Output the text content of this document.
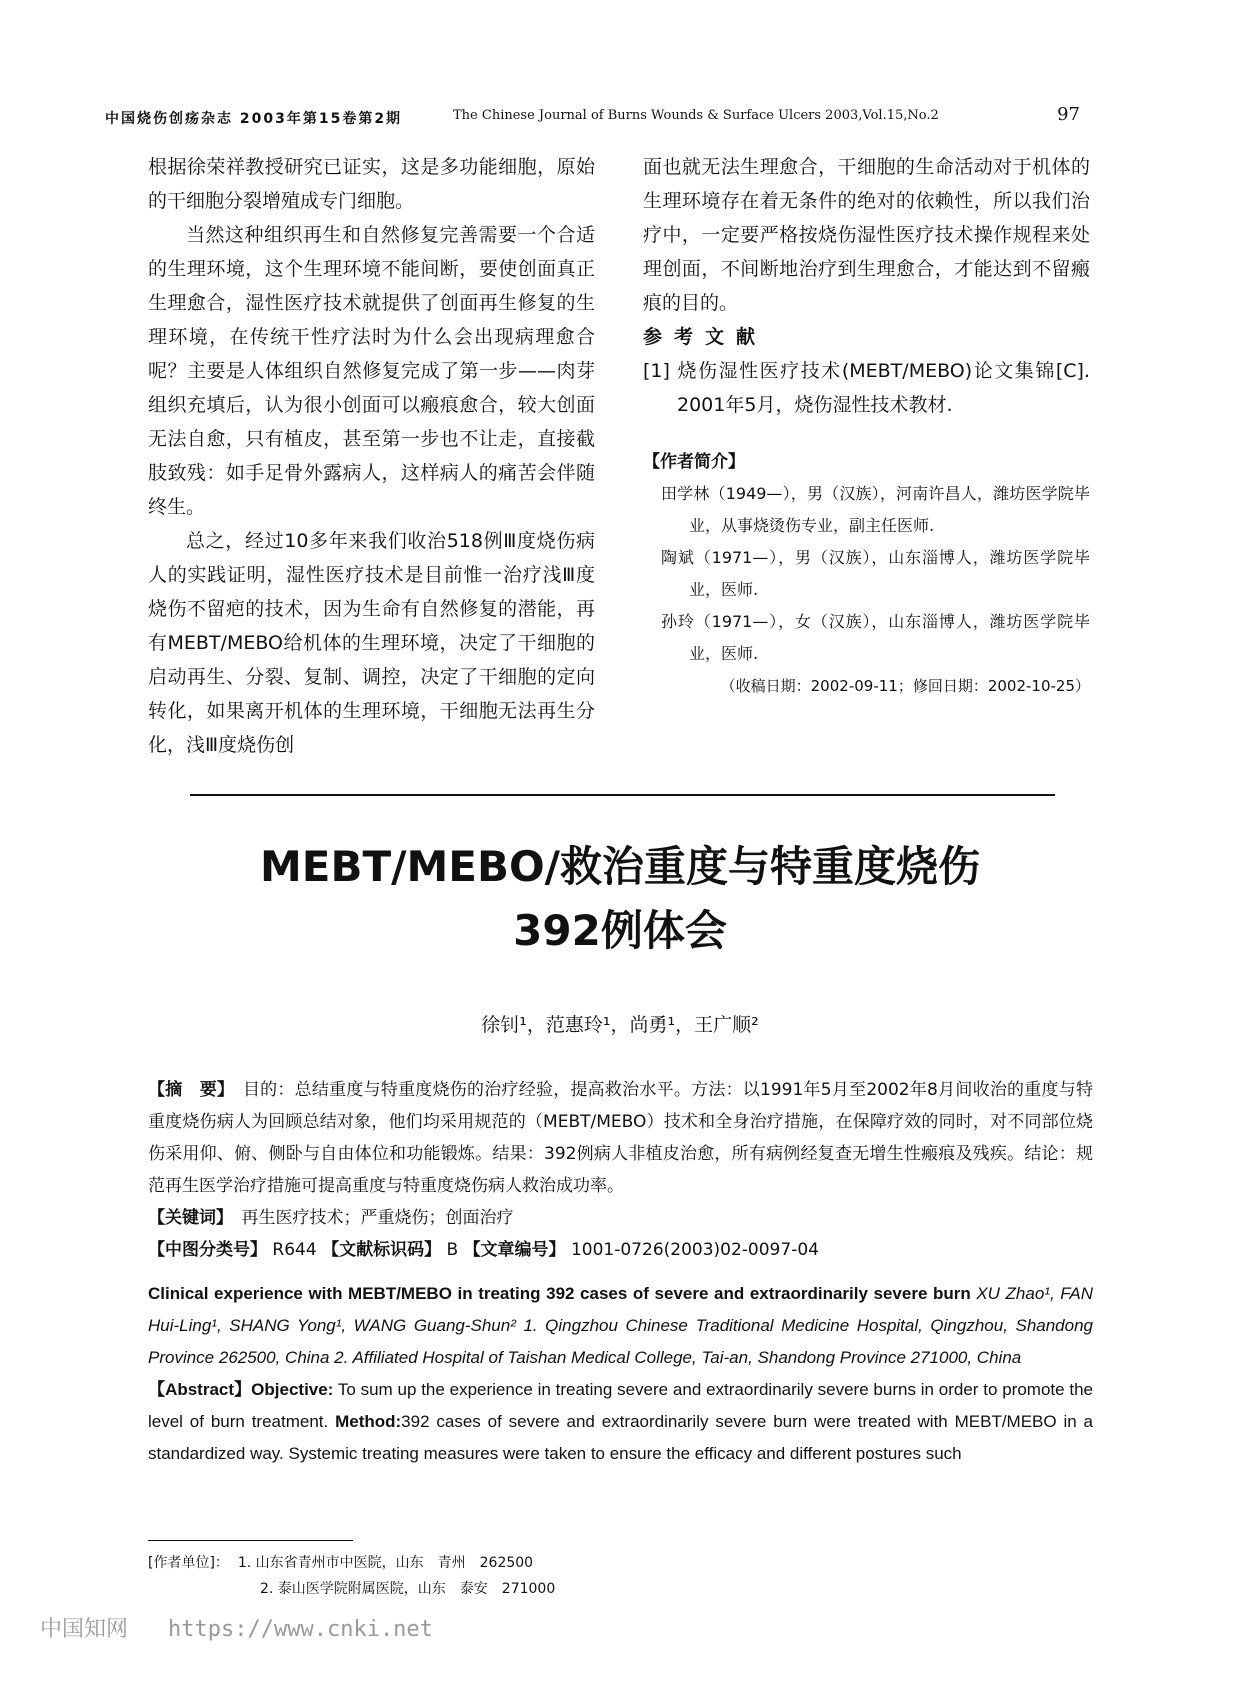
中国烧伤创疡杂志 2003年第15卷第2期	The Chinese Journal of Burns Wounds & Surface Ulcers 2003,Vol.15,No.2	97

根据徐荣祥教授研究已证实，这是多功能细胞，原始的干细胞分裂增殖成专门细胞。

当然这种组织再生和自然修复完善需要一个合适的生理环境，这个生理环境不能间断，要使创面真正生理愈合，湿性医疗技术就提供了创面再生修复的生理环境，在传统干性疗法时为什么会出现病理愈合呢？主要是人体组织自然修复完成了第一步——肉芽组织充填后，认为很小创面可以瘢痕愈合，较大创面无法自愈，只有植皮，甚至第一步也不让走，直接截肢致残：如手足骨外露病人，这样病人的痛苦会伴随终生。

总之，经过10多年来我们收治518例Ⅲ度烧伤病人的实践证明，湿性医疗技术是目前惟一治疗浅Ⅲ度烧伤不留疤的技术，因为生命有自然修复的潜能，再有MEBT/MEBO给机体的生理环境，决定了干细胞的启动再生、分裂、复制、调控，决定了干细胞的定向转化，如果离开机体的生理环境，干细胞无法再生分化，浅Ⅲ度烧伤创

面也就无法生理愈合，干细胞的生命活动对于机体的生理环境存在着无条件的绝对的依赖性，所以我们治疗中，一定要严格按烧伤湿性医疗技术操作规程来处理创面，不间断地治疗到生理愈合，才能达到不留瘢痕的目的。

参考文献

[1] 烧伤湿性医疗技术(MEBT/MEBO)论文集锦[C]. 2001年5月，烧伤湿性技术教材.

【作者简介】

田学林（1949—），男（汉族），河南许昌人，潍坊医学院毕业，从事烧烫伤专业，副主任医师.

陶斌（1971—），男（汉族），山东淄博人，潍坊医学院毕业，医师.

孙玲（1971—），女（汉族），山东淄博人，潍坊医学院毕业，医师.

（收稿日期：2002-09-11；修回日期：2002-10-25）
MEBT/MEBO/救治重度与特重度烧伤
392例体会
徐钊¹，范惠玲¹，尚勇¹，王广顺²

【摘　要】　 目的：总结重度与特重度烧伤的治疗经验，提高救治水平。方法：以1991年5月至2002年8月间收治的重度与特重度烧伤病人为回顾总结对象，他们均采用规范的（MEBT/MEBO）技术和全身治疗措施，在保障疗效的同时，对不同部位烧伤采用仰、俯、侧卧与自由体位和功能锻炼。结果：392例病人非植皮治愈，所有病例经复查无增生性瘢痕及残疾。结论：规范再生医学治疗措施可提高重度与特重度烧伤病人救治成功率。

【关键词】　 再生医疗技术；严重烧伤；创面治疗

【中图分类号】 R644 【文献标识码】 B 【文章编号】 1001-0726(2003)02-0097-04

Clinical experience with MEBT/MEBO in treating 392 cases of severe and extraordinarily severe burn XU Zhao¹, FAN Hui-Ling¹, SHANG Yong¹, WANG Guang-Shun² 1. Qingzhou Chinese Traditional Medicine Hospital, Qingzhou, Shandong Province 262500, China 2. Affiliated Hospital of Taishan Medical College, Tai-an, Shandong Province 271000, China

【Abstract】Objective: To sum up the experience in treating severe and extraordinarily severe burns in order to promote the level of burn treatment. Method:392 cases of severe and extraordinarily severe burn were treated with MEBT/MEBO in a standardized way. Systemic treating measures were taken to ensure the efficacy and different postures such

[作者单位]： 1. 山东省青州市中医院，山东　青州　262500
2. 泰山医学院附属医院，山东　泰安　271000
中国知网 https://www.cnki.net
